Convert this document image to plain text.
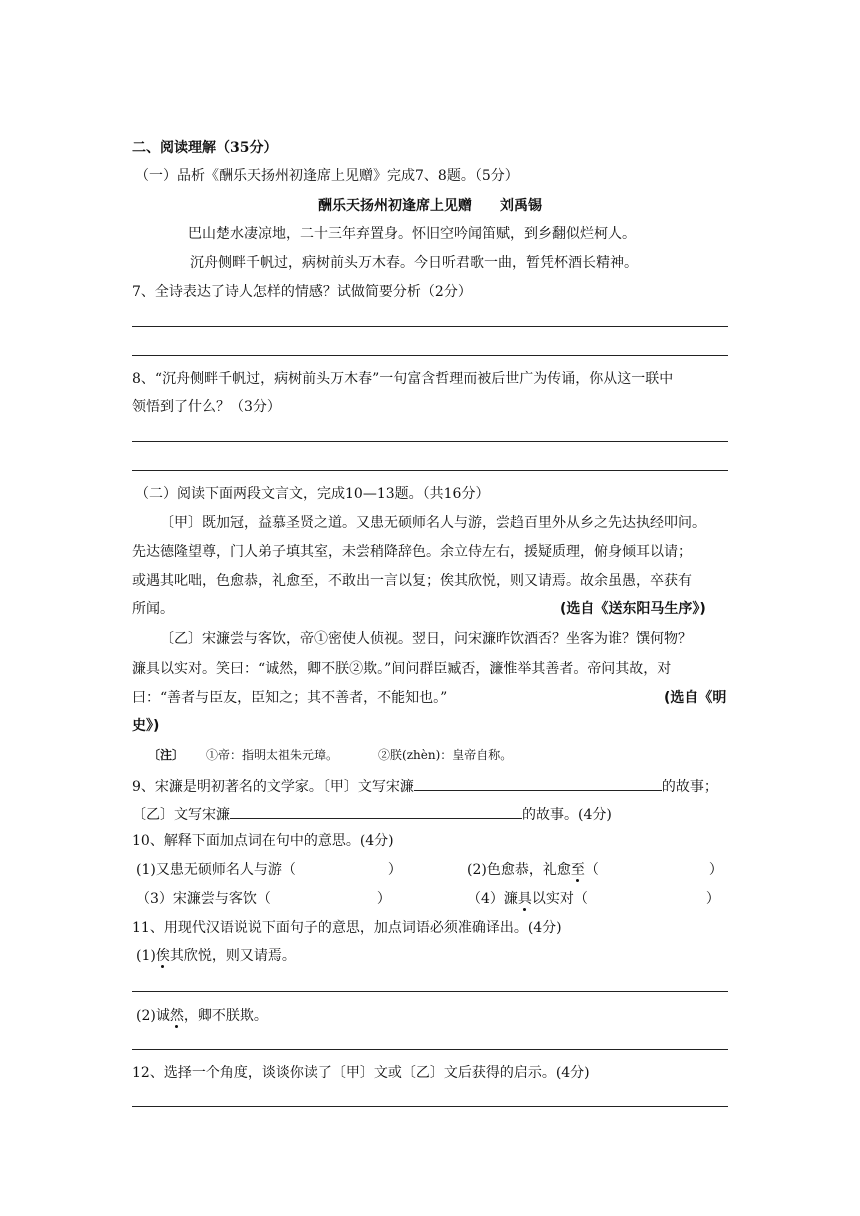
二、阅读理解（35分）
（一）品析《酬乐天扬州初逢席上见赠》完成7、8题。（5分）
酬乐天扬州初逢席上见赠　　刘禹锡
巴山楚水凄凉地，二十三年弃置身。怀旧空吟闻笛赋，到乡翻似烂柯人。
沉舟侧畔千帆过，病树前头万木春。今日听君歌一曲，暂凭杯酒长精神。
7、全诗表达了诗人怎样的情感？试做简要分析（2分）
8、“沉舟侧畔千帆过，病树前头万木春”一句富含哲理而被后世广为传诵，你从这一联中
领悟到了什么？（3分）
（二）阅读下面两段文言文，完成10—13题。（共16分）
〔甲〕既加冠，益慕圣贤之道。又患无硕师名人与游，尝趋百里外从乡之先达执经叩问。
先达德隆望尊，门人弟子填其室，未尝稍降辞色。余立侍左右，援疑质理，俯身倾耳以请；
或遇其叱咄，色愈恭，礼愈至，不敢出一言以复；俟其欣悦，则又请焉。故余虽愚，卒获有
所闻。	(选自《送东阳马生序》)
〔乙〕宋濂尝与客饮，帝①密使人侦视。翌日，问宋濂昨饮酒否？坐客为谁？馔何物？
濂具以实对。笑曰：“诚然，卿不朕②欺。”间问群臣臧否，濂惟举其善者。帝问其故，对
曰：“善者与臣友，臣知之；其不善者，不能知也。”	(选自《明
史》)
〔注〕 ①帝：指明太祖朱元璋。	②朕(zhèn)：皇帝自称。
9、宋濂是明初著名的文学家。〔甲〕文写宋濂	的故事；
〔乙〕文写宋濂	的故事。(4分)
10、解释下面加点词在句中的意思。(4分)
(1)又患无硕师名人与游（	）	(2)色愈恭，礼愈至（	）
（3）宋濂尝与客饮（	）	（4）濂具以实对（	）
11、用现代汉语说说下面句子的意思，加点词语必须准确译出。(4分)
(1)俟其欣悦，则又请焉。
(2)诚然，卿不朕欺。
12、选择一个角度，谈谈你读了〔甲〕文或〔乙〕文后获得的启示。(4分)
